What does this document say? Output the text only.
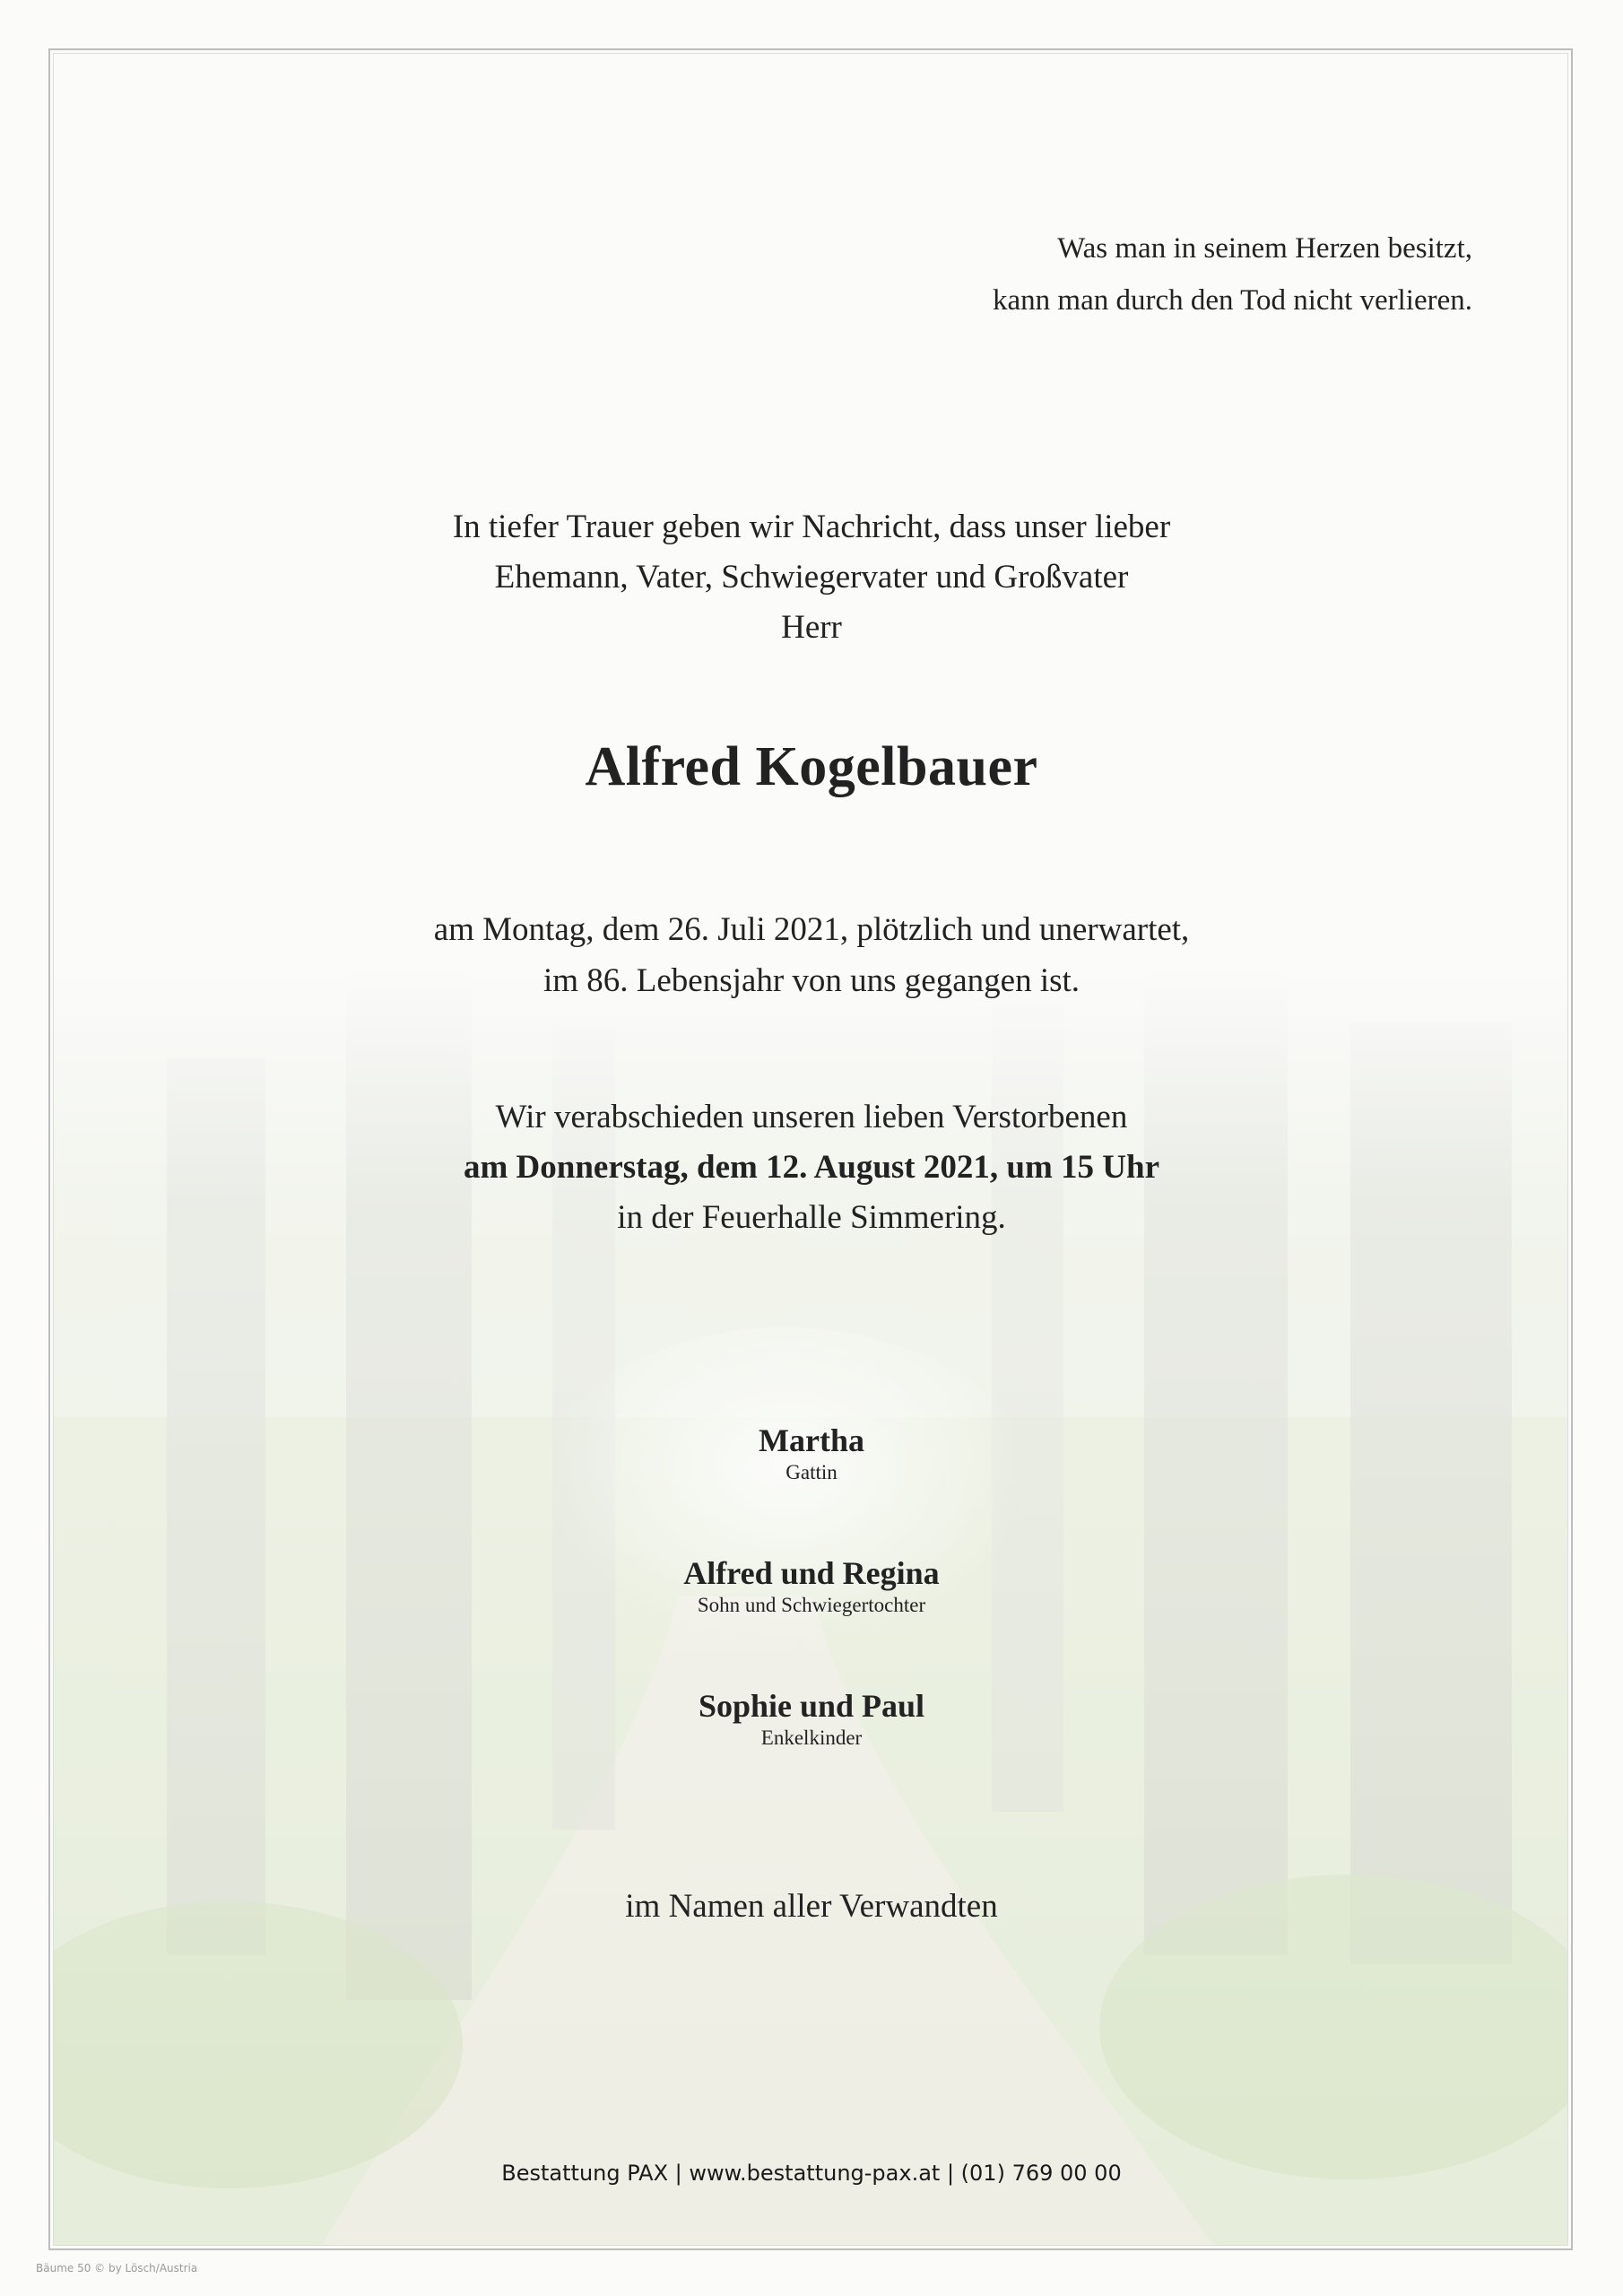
Was man in seinem Herzen besitzt,
kann man durch den Tod nicht verlieren.
In tiefer Trauer geben wir Nachricht, dass unser lieber
Ehemann, Vater, Schwiegervater und Großvater
Herr
Alfred Kogelbauer
am Montag, dem 26. Juli 2021, plötzlich und unerwartet,
im 86. Lebensjahr von uns gegangen ist.
Wir verabschieden unseren lieben Verstorbenen
am Donnerstag, dem 12. August 2021, um 15 Uhr
in der Feuerhalle Simmering.
Martha
Gattin
Alfred und Regina
Sohn und Schwiegertochter
Sophie und Paul
Enkelkinder
im Namen aller Verwandten
Bestattung PAX | www.bestattung-pax.at | (01) 769 00 00
Bäume 50 © by Lösch/Austria
